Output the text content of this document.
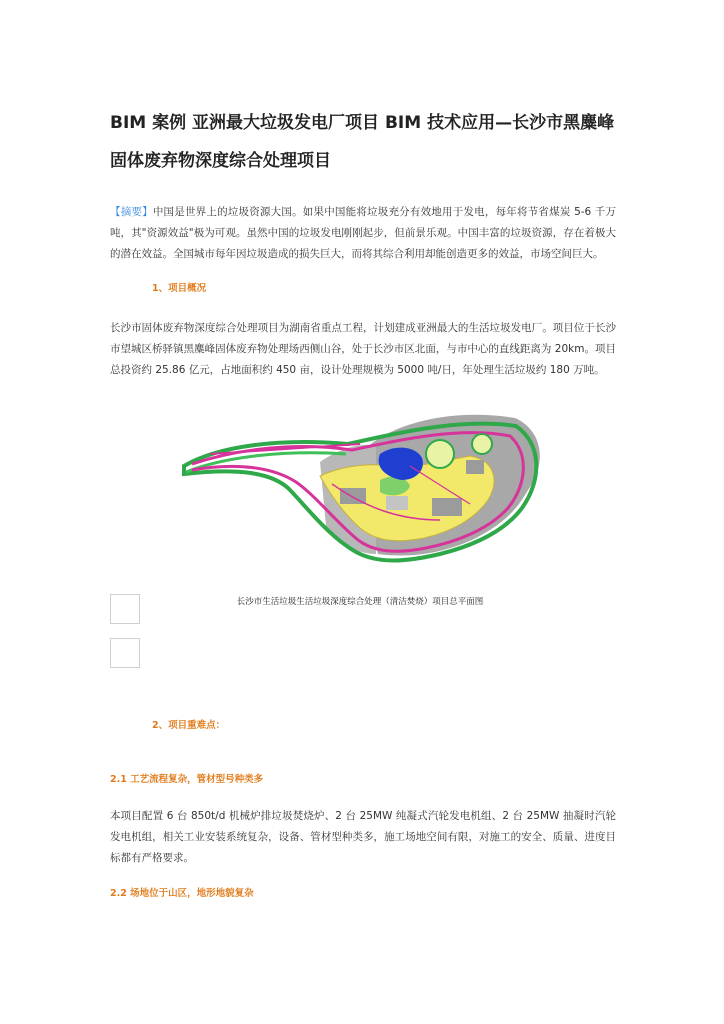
BIM 案例 亚洲最大垃圾发电厂项目 BIM 技术应用—长沙市黑麋峰固体废弃物深度综合处理项目
【摘要】中国是世界上的垃圾资源大国。如果中国能将垃圾充分有效地用于发电，每年将节省煤炭 5-6 千万吨，其"资源效益"极为可观。虽然中国的垃圾发电刚刚起步，但前景乐观。中国丰富的垃圾资源，存在着极大的潜在效益。全国城市每年因垃圾造成的损失巨大，而将其综合利用却能创造更多的效益，市场空间巨大。
1、项目概况
长沙市固体废弃物深度综合处理项目为湖南省重点工程，计划建成亚洲最大的生活垃圾发电厂。项目位于长沙市望城区桥驿镇黑麋峰固体废弃物处理场西侧山谷，处于长沙市区北面，与市中心的直线距离为 20km。项目总投资约 25.86 亿元，占地面积约 450 亩，设计处理规模为 5000 吨/日，年处理生活垃圾约 180 万吨。
长沙市生活垃圾生活垃圾深度综合处理（清洁焚烧）项目总平面图
2、项目重难点：
2.1 工艺流程复杂，管材型号种类多
本项目配置 6 台 850t/d 机械炉排垃圾焚烧炉、2 台 25MW 纯凝式汽轮发电机组、2 台 25MW 抽凝时汽轮发电机组，相关工业安装系统复杂，设备、管材型种类多，施工场地空间有限，对施工的安全、质量、进度目标都有严格要求。
2.2 场地位于山区，地形地貌复杂
